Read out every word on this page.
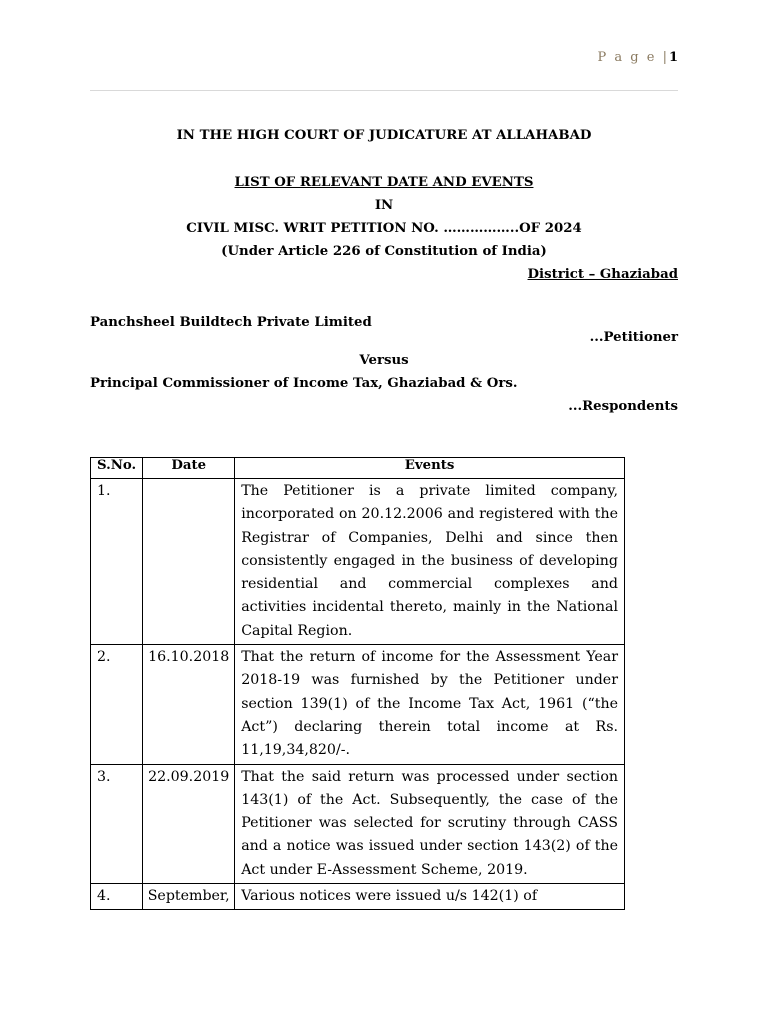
P a g e |1
IN THE HIGH COURT OF JUDICATURE AT ALLAHABAD
LIST OF RELEVANT DATE AND EVENTS
IN
CIVIL MISC. WRIT PETITION NO. ……………..OF 2024
(Under Article 226 of Constitution of India)
District – Ghaziabad
Panchsheel Buildtech Private Limited
...Petitioner
Versus
Principal Commissioner of Income Tax, Ghaziabad & Ors.
...Respondents
S.No.	Date	Events
1.		The Petitioner is a private limited company, incorporated on 20.12.2006 and registered with the Registrar of Companies, Delhi and since then consistently engaged in the business of developing residential and commercial complexes and activities incidental thereto, mainly in the National Capital Region.
2.	16.10.2018	That the return of income for the Assessment Year 2018-19 was furnished by the Petitioner under section 139(1) of the Income Tax Act, 1961 (“the Act”) declaring therein total income at Rs. 11,19,34,820/-.
3.	22.09.2019	That the said return was processed under section 143(1) of the Act. Subsequently, the case of the Petitioner was selected for scrutiny through CASS and a notice was issued under section 143(2) of the Act under E-Assessment Scheme, 2019.
4.	September,	Various notices were issued u/s 142(1) of
